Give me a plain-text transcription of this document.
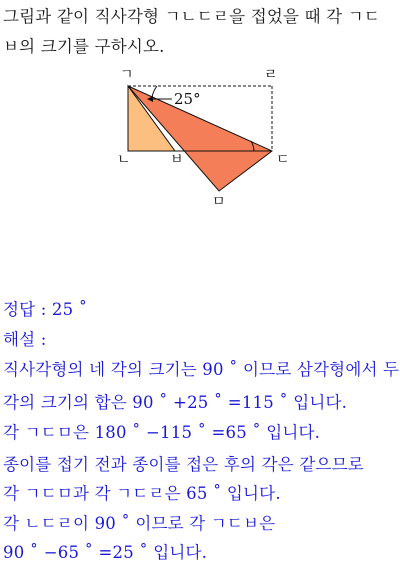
그림과 같이 직사각형 ㄱㄴㄷㄹ을 접었을 때 각 ㄱㄷ
ㅂ의 크기를 구하시오.
ㄱ	ㄹ
ㄴ	ㅂ	ㄷ
ㅁ
25°
정답 : 25 ˚
해설 :
직사각형의 네 각의 크기는 90 ˚ 이므로 삼각형에서 두
각의 크기의 합은 90 ˚ +25 ˚ =115 ˚ 입니다.
각 ㄱㄷㅁ은 180 ˚ −115 ˚ =65 ˚ 입니다.
종이를 접기 전과 종이를 접은 후의 각은 같으므로
각 ㄱㄷㅁ과 각 ㄱㄷㄹ은 65 ˚ 입니다.
각 ㄴㄷㄹ이 90 ˚ 이므로 각 ㄱㄷㅂ은
90 ˚ −65 ˚ =25 ˚ 입니다.
